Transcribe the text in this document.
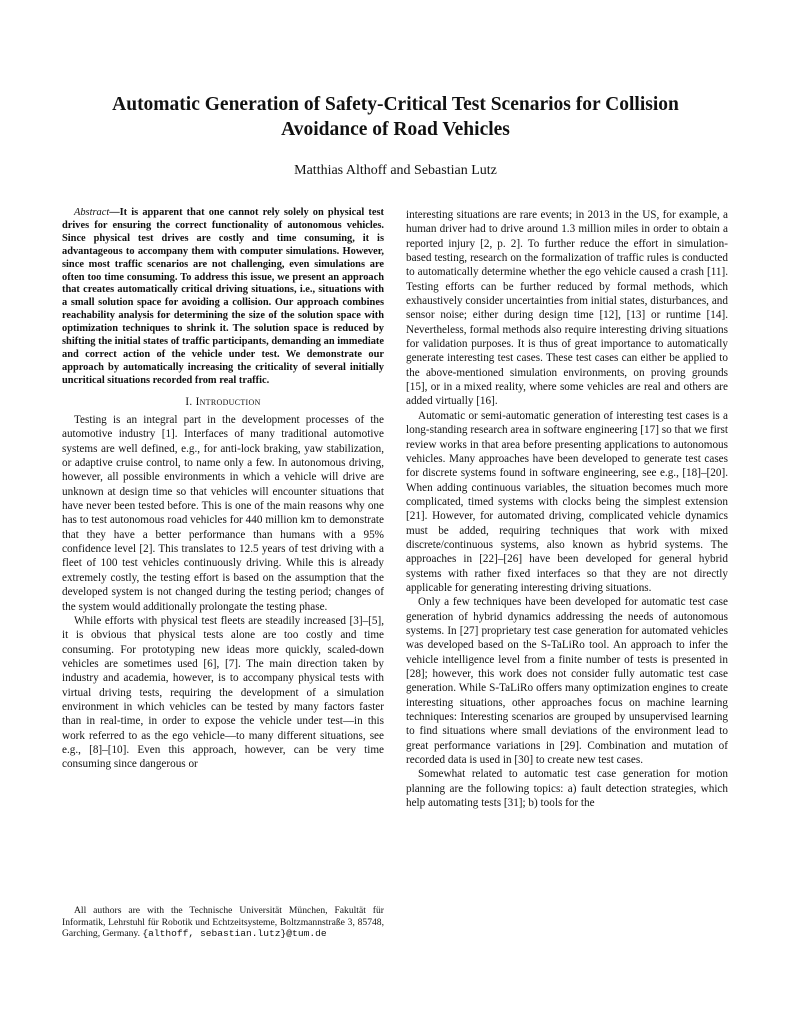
Automatic Generation of Safety-Critical Test Scenarios for Collision
Avoidance of Road Vehicles
Matthias Althoff and Sebastian Lutz

Abstract—It is apparent that one cannot rely solely on physical test drives for ensuring the correct functionality of autonomous vehicles. Since physical test drives are costly and time consuming, it is advantageous to accompany them with computer simulations. However, since most traffic scenarios are not challenging, even simulations are often too time consuming. To address this issue, we present an approach that creates automatically critical driving situations, i.e., situations with a small solution space for avoiding a collision. Our approach combines reachability analysis for determining the size of the solution space with optimization techniques to shrink it. The solution space is reduced by shifting the initial states of traffic participants, demanding an immediate and correct action of the vehicle under test. We demonstrate our approach by automatically increasing the criticality of several initially uncritical situations recorded from real traffic.

I. Introduction

Testing is an integral part in the development processes of the automotive industry [1]. Interfaces of many traditional automotive systems are well defined, e.g., for anti-lock braking, yaw stabilization, or adaptive cruise control, to name only a few. In autonomous driving, however, all possible environments in which a vehicle will drive are unknown at design time so that vehicles will encounter situations that have never been tested before. This is one of the main reasons why one has to test autonomous road vehicles for 440 million km to demonstrate that they have a better performance than humans with a 95% confidence level [2]. This translates to 12.5 years of test driving with a fleet of 100 test vehicles continuously driving. While this is already extremely costly, the testing effort is based on the assumption that the developed system is not changed during the testing period; changes of the system would additionally prolongate the testing phase.

While efforts with physical test fleets are steadily increased [3]–[5], it is obvious that physical tests alone are too costly and time consuming. For prototyping new ideas more quickly, scaled-down vehicles are sometimes used [6], [7]. The main direction taken by industry and academia, however, is to accompany physical tests with virtual driving tests, requiring the development of a simulation environment in which vehicles can be tested by many factors faster than in real-time, in order to expose the vehicle under test—in this work referred to as the ego vehicle—to many different situations, see e.g., [8]–[10]. Even this approach, however, can be very time consuming since dangerous or

All authors are with the Technische Universität München, Fakultät für Informatik, Lehrstuhl für Robotik und Echtzeitsysteme, Boltzmannstraße 3, 85748, Garching, Germany. {althoff, sebastian.lutz}@tum.de

interesting situations are rare events; in 2013 in the US, for example, a human driver had to drive around 1.3 million miles in order to obtain a reported injury [2, p. 2]. To further reduce the effort in simulation-based testing, research on the formalization of traffic rules is conducted to automatically determine whether the ego vehicle caused a crash [11]. Testing efforts can be further reduced by formal methods, which exhaustively consider uncertainties from initial states, disturbances, and sensor noise; either during design time [12], [13] or runtime [14]. Nevertheless, formal methods also require interesting driving situations for validation purposes. It is thus of great importance to automatically generate interesting test cases. These test cases can either be applied to the above-mentioned simulation environments, on proving grounds [15], or in a mixed reality, where some vehicles are real and others are added virtually [16].

Automatic or semi-automatic generation of interesting test cases is a long-standing research area in software engineering [17] so that we first review works in that area before presenting applications to autonomous vehicles. Many approaches have been developed to generate test cases for discrete systems found in software engineering, see e.g., [18]–[20]. When adding continuous variables, the situation becomes much more complicated, timed systems with clocks being the simplest extension [21]. However, for automated driving, complicated vehicle dynamics must be added, requiring techniques that work with mixed discrete/continuous systems, also known as hybrid systems. The approaches in [22]–[26] have been developed for general hybrid systems with rather fixed interfaces so that they are not directly applicable for generating interesting driving situations.

Only a few techniques have been developed for automatic test case generation of hybrid dynamics addressing the needs of autonomous systems. In [27] proprietary test case generation for automated vehicles was developed based on the S-TaLiRo tool. An approach to infer the vehicle intelligence level from a finite number of tests is presented in [28]; however, this work does not consider fully automatic test case generation. While S-TaLiRo offers many optimization engines to create interesting situations, other approaches focus on machine learning techniques: Interesting scenarios are grouped by unsupervised learning to find situations where small deviations of the environment lead to great performance variations in [29]. Combination and mutation of recorded data is used in [30] to create new test cases.

Somewhat related to automatic test case generation for motion planning are the following topics: a) fault detection strategies, which help automating tests [31]; b) tools for the
